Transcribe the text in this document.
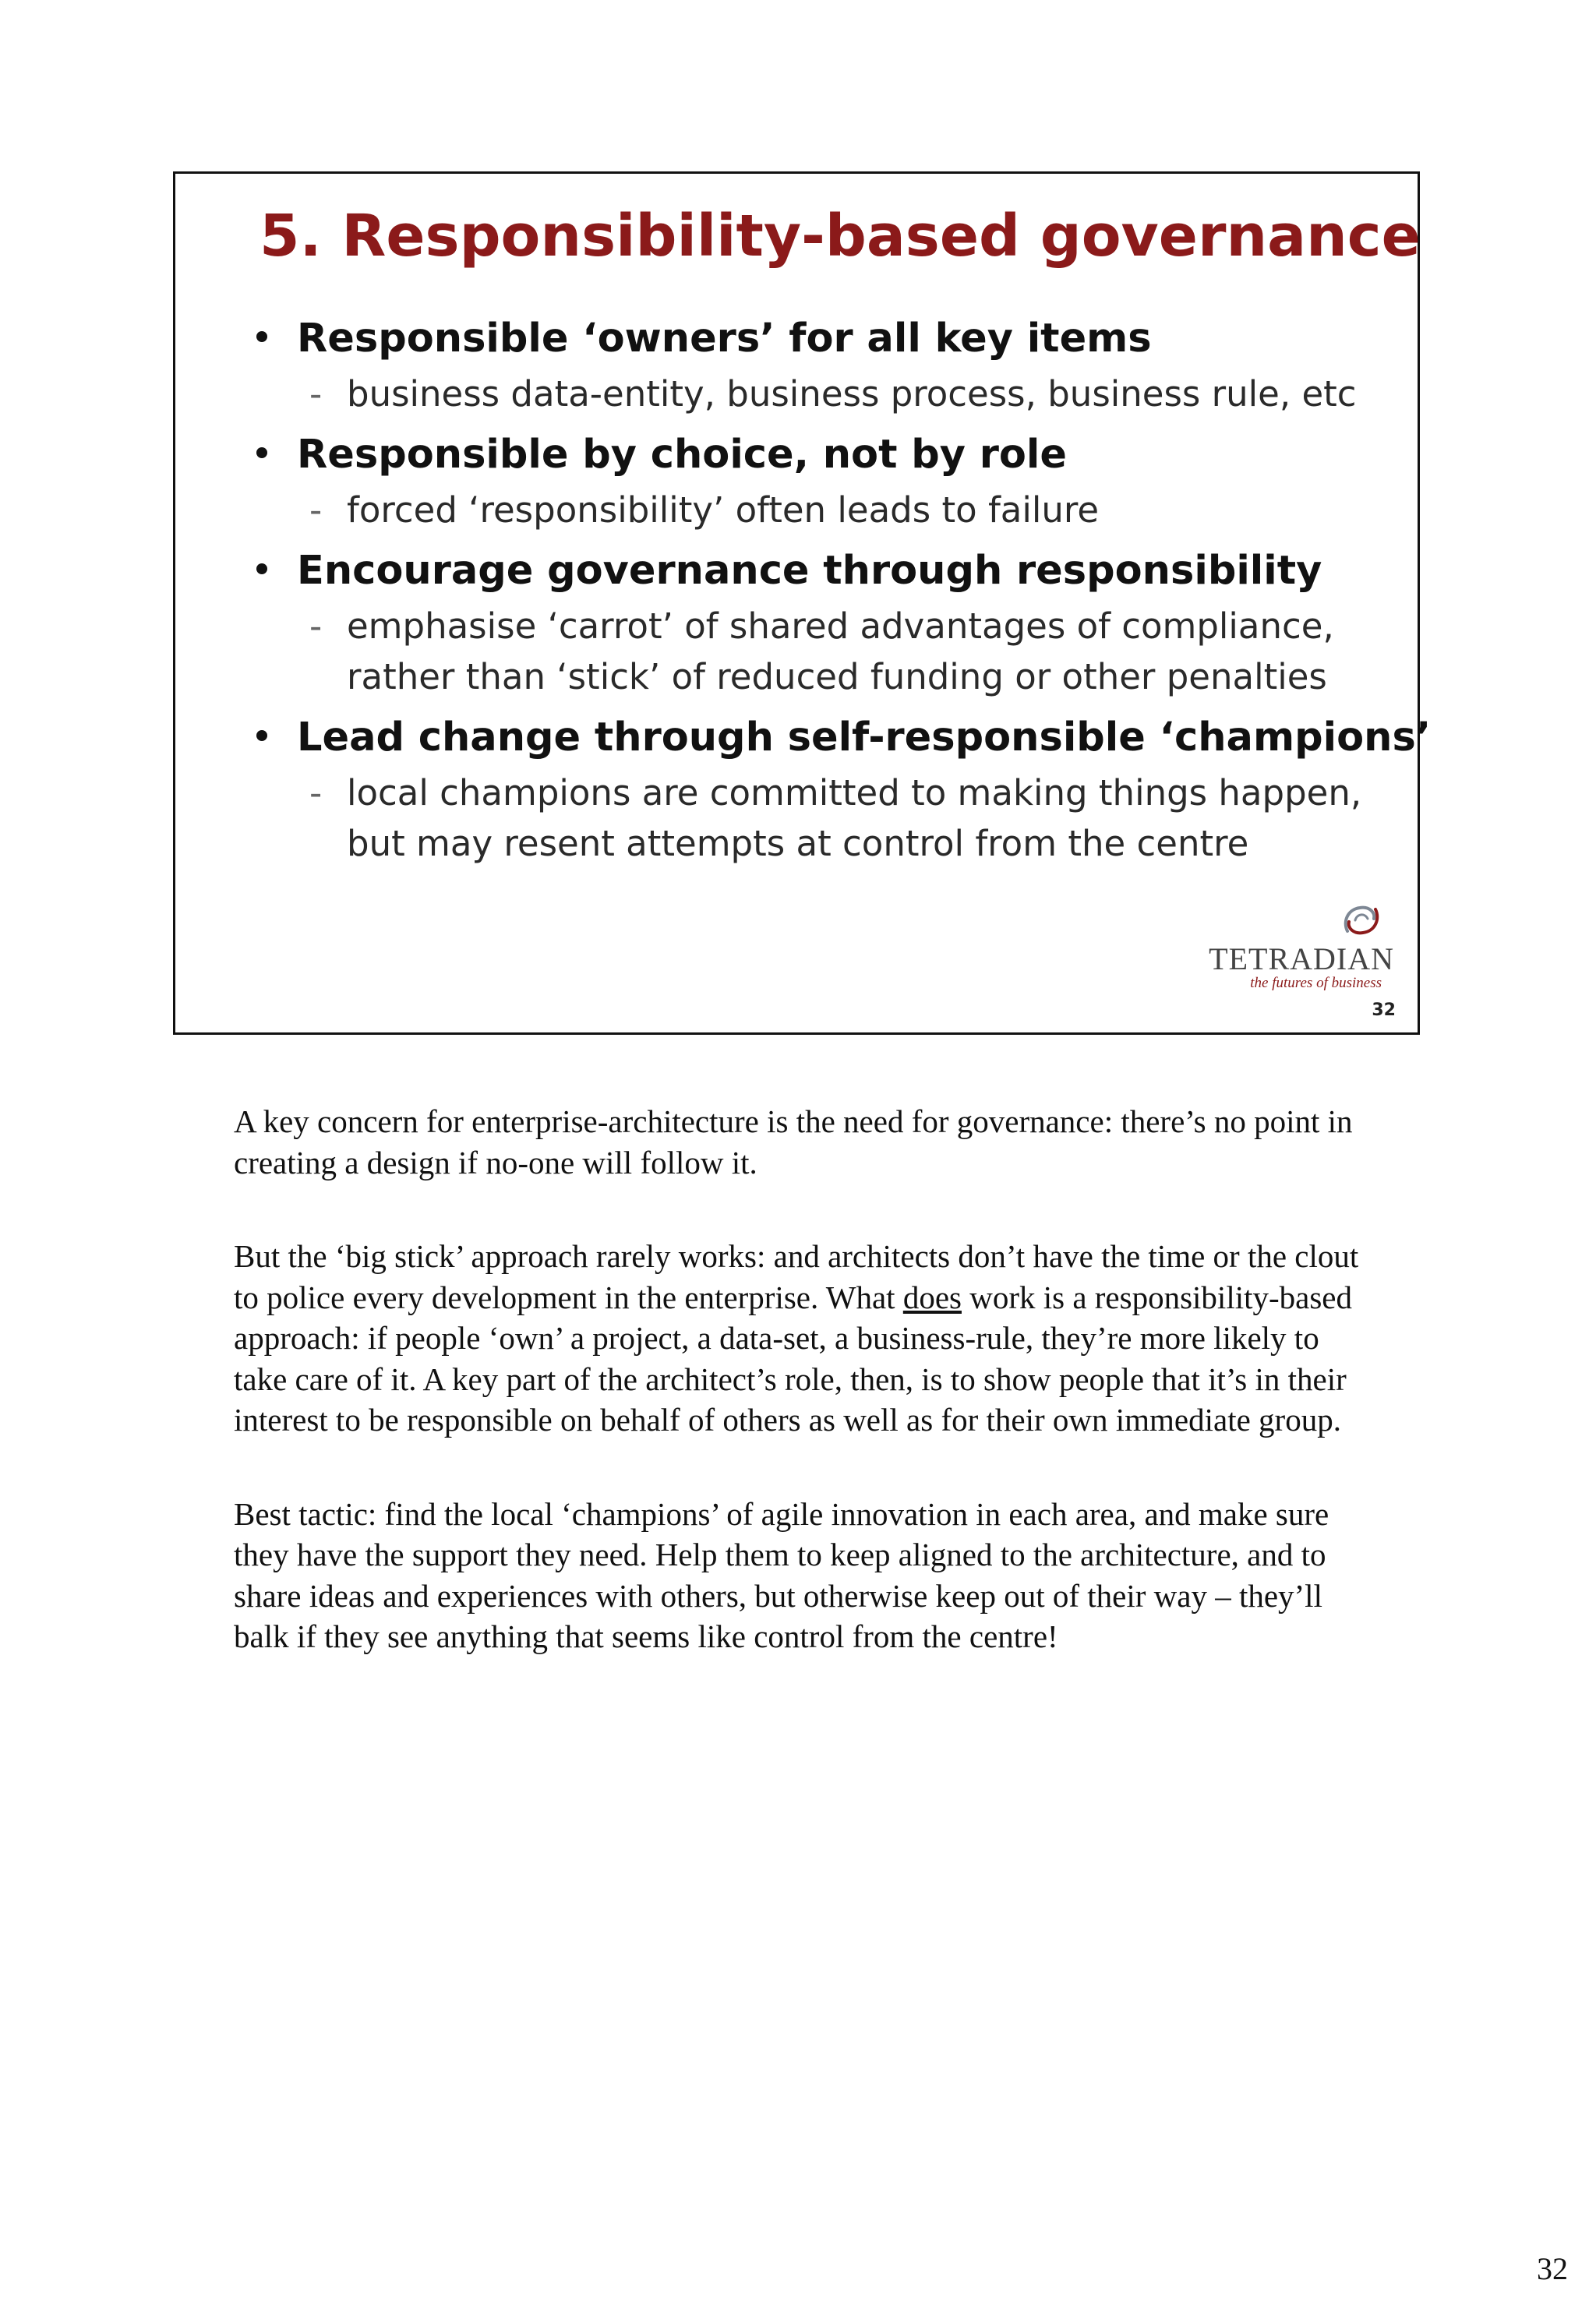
5. Responsibility-based governance
Responsible ‘owners’ for all key items
- business data-entity, business process, business rule, etc
Responsible by choice, not by role
- forced ‘responsibility’ often leads to failure
Encourage governance through responsibility
- emphasise ‘carrot’ of shared advantages of compliance,
rather than ‘stick’ of reduced funding or other penalties
Lead change through self-responsible ‘champions’
- local champions are committed to making things happen,
but may resent attempts at control from the centre
TETRADIAN
the futures of business
32

A key concern for enterprise-architecture is the need for governance: there’s no point in creating a design if no-one will follow it.

But the ‘big stick’ approach rarely works: and architects don’t have the time or the clout to police every development in the enterprise. What does work is a responsibility-based approach: if people ‘own’ a project, a data-set, a business-rule, they’re more likely to take care of it. A key part of the architect’s role, then, is to show people that it’s in their interest to be responsible on behalf of others as well as for their own immediate group.

Best tactic: find the local ‘champions’ of agile innovation in each area, and make sure they have the support they need. Help them to keep aligned to the architecture, and to share ideas and experiences with others, but otherwise keep out of their way – they’ll balk if they see anything that seems like control from the centre!

32
